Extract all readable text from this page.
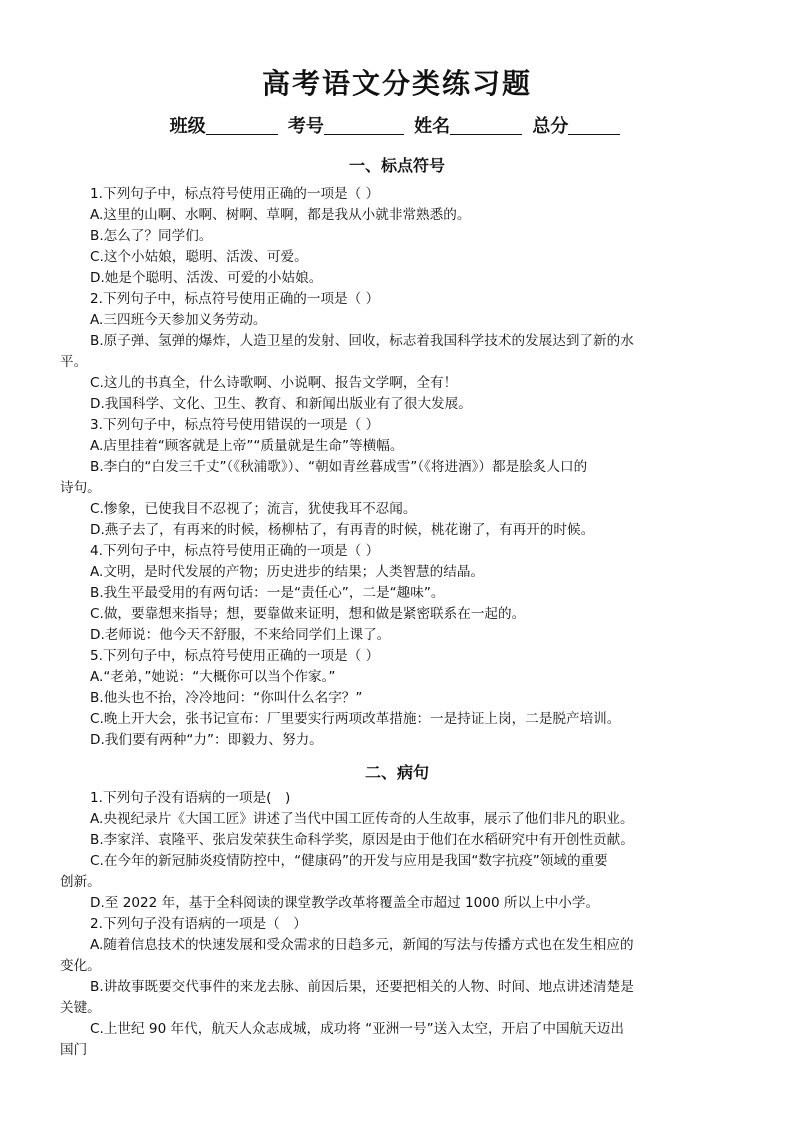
高考语文分类练习题
班级	考号	姓名	总分
一、标点符号
1.下列句子中，标点符号使用正确的一项是（ ）
A.这里的山啊、水啊、树啊、草啊，都是我从小就非常熟悉的。
B.怎么了？同学们。
C.这个小姑娘，聪明、活泼、可爱。
D.她是个聪明、活泼、可爱的小姑娘。
2.下列句子中，标点符号使用正确的一项是（ ）
A.三四班今天参加义务劳动。
B.原子弹、氢弹的爆炸，人造卫星的发射、回收，标志着我国科学技术的发展达到了新的水
平。
C.这儿的书真全，什么诗歌啊、小说啊、报告文学啊，全有！
D.我国科学、文化、卫生、教育、和新闻出版业有了很大发展。
3.下列句子中，标点符号使用错误的一项是（ ）
A.店里挂着“顾客就是上帝”“质量就是生命”等横幅。
B.李白的“白发三千丈”（《秋浦歌》）、“朝如青丝暮成雪”（《将进酒》）都是脍炙人口的
诗句。
C.惨象，已使我目不忍视了；流言，犹使我耳不忍闻。
D.燕子去了，有再来的时候，杨柳枯了，有再青的时候，桃花谢了，有再开的时候。
4.下列句子中，标点符号使用正确的一项是（ ）
A.文明，是时代发展的产物；历史进步的结果；人类智慧的结晶。
B.我生平最受用的有两句话：一是“责任心”，二是“趣味”。
C.做，要靠想来指导；想，要靠做来证明，想和做是紧密联系在一起的。
D.老师说：他今天不舒服，不来给同学们上课了。
5.下列句子中，标点符号使用正确的一项是（ ）
A.“老弟，”她说：“大概你可以当个作家。”
B.他头也不抬，冷冷地问：“你叫什么名字？”
C.晚上开大会，张书记宣布：厂里要实行两项改革措施：一是持证上岗，二是脱产培训。
D.我们要有两种“力”：即毅力、努力。
二、病句
1.下列句子没有语病的一项是(　)
A.央视纪录片《大国工匠》讲述了当代中国工匠传奇的人生故事，展示了他们非凡的职业。
B.李家洋、袁隆平、张启发荣获生命科学奖，原因是由于他们在水稻研究中有开创性贡献。
C.在今年的新冠肺炎疫情防控中，“健康码”的开发与应用是我国“数字抗疫”领域的重要
创新。
D.至 2022 年，基于全科阅读的课堂教学改革将覆盖全市超过 1000 所以上中小学。
2.下列句子没有语病的一项是（　）
A.随着信息技术的快速发展和受众需求的日趋多元，新闻的写法与传播方式也在发生相应的
变化。
B.讲故事既要交代事件的来龙去脉、前因后果，还要把相关的人物、时间、地点讲述清楚是
关键。
C.上世纪 90 年代，航天人众志成城，成功将 “亚洲一号”送入太空，开启了中国航天迈出
国门
